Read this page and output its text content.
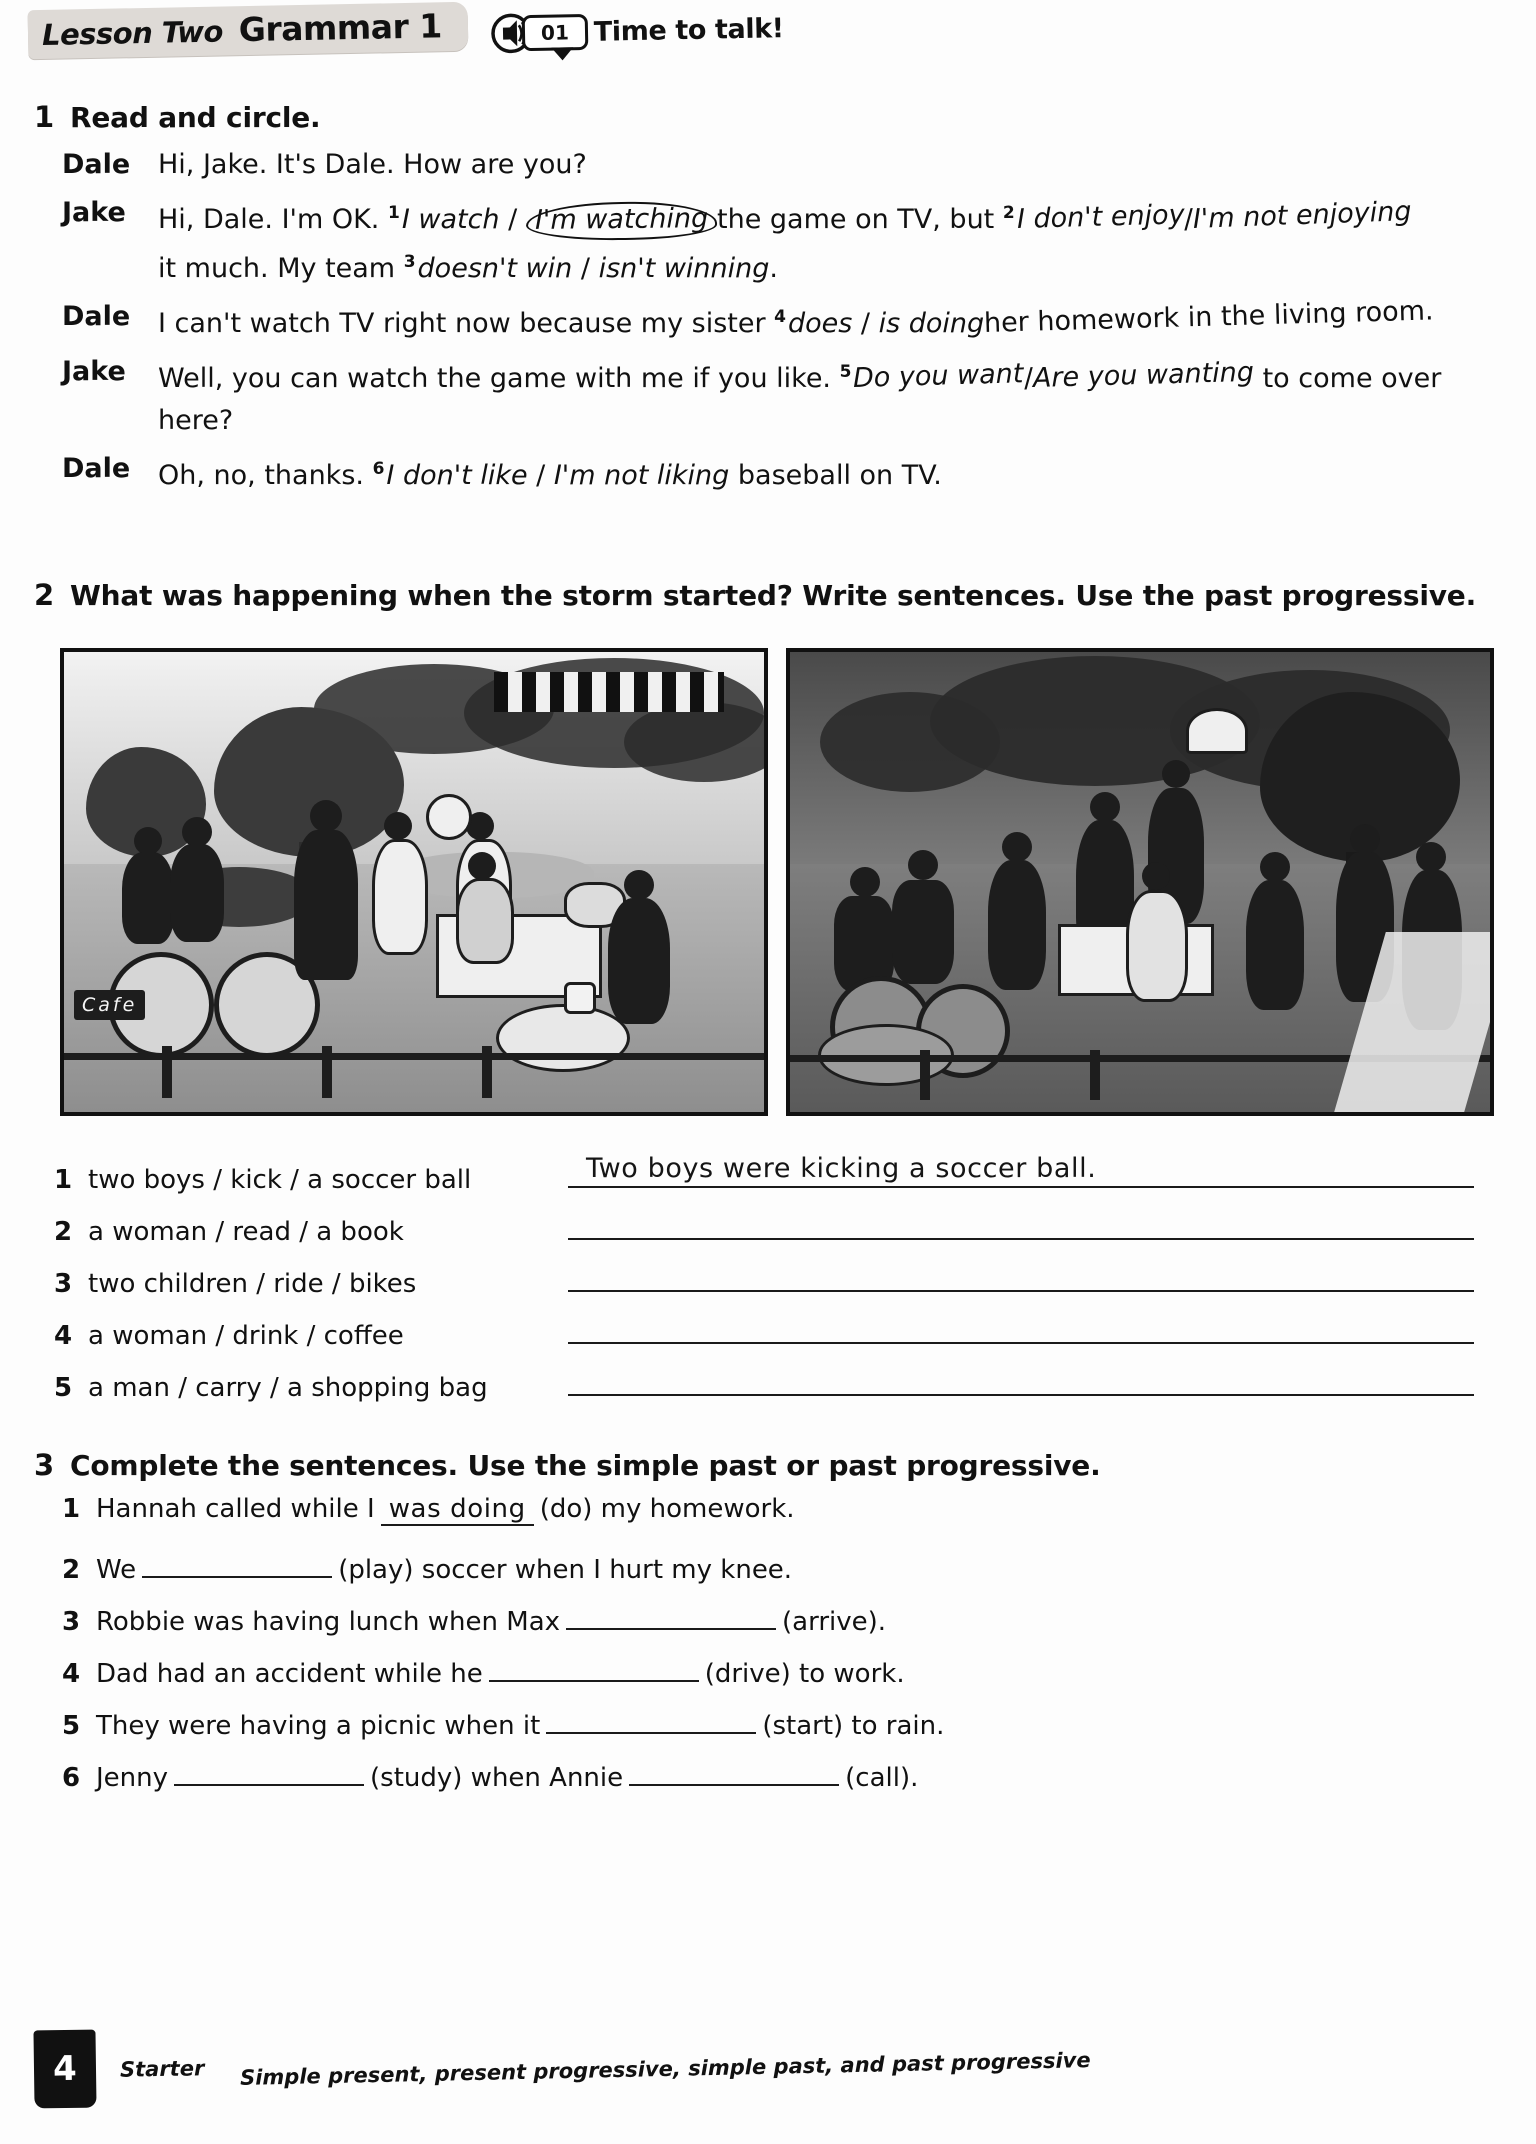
Lesson Two Grammar 1	01 Time to talk!
1 Read and circle.
Dale	Hi, Jake. It's Dale. How are you?
Jake	Hi, Dale. I'm OK. $^1$I watch / I'm watching the game on TV, but $^2$I don't enjoy/I'm not enjoying
it much. My team $^3$doesn't win / isn't winning.
Dale	I can't watch TV right now because my sister $^4$does / is doingher homework in the living room.
Jake	Well, you can watch the game with me if you like. $^5$Do you want/Are you wanting to come over here?
Dale	Oh, no, thanks. $^6$I don't like / I'm not liking baseball on TV.
2 What was happening when the storm started? Write sentences. Use the past progressive.
Cafe
1 two boys / kick / a soccer ball	Two boys were kicking a soccer ball.
2 a woman / read / a book
3 two children / ride / bikes
4 a woman / drink / coffee
5 a man / carry / a shopping bag
3 Complete the sentences. Use the simple past or past progressive.
1 Hannah called while I was doing (do) my homework.
2 We	(play) soccer when I hurt my knee.
3 Robbie was having lunch when Max	(arrive).
4 Dad had an accident while he	(drive) to work.
5 They were having a picnic when it	(start) to rain.
6 Jenny	(study) when Annie	(call).
4	Starter Simple present, present progressive, simple past, and past progressive
